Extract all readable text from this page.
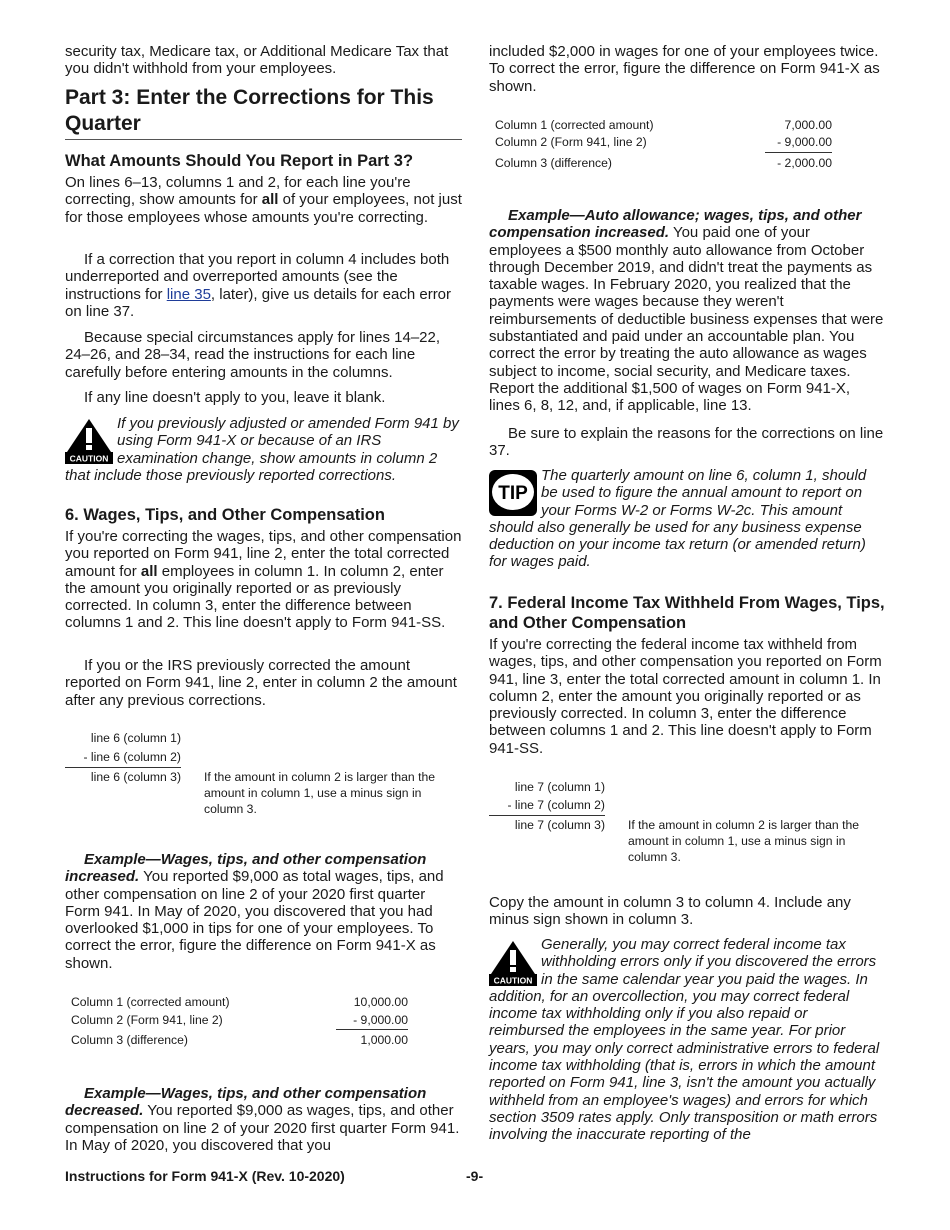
security tax, Medicare tax, or Additional Medicare Tax that you didn't withhold from your employees.

Part 3: Enter the Corrections for This Quarter
What Amounts Should You Report in Part 3?

On lines 6–13, columns 1 and 2, for each line you're correcting, show amounts for all of your employees, not just for those employees whose amounts you're correcting.

If a correction that you report in column 4 includes both underreported and overreported amounts (see the instructions for line 35, later), give us details for each error on line 37.

Because special circumstances apply for lines 14–22, 24–26, and 28–34, read the instructions for each line carefully before entering amounts in the columns.

If any line doesn't apply to you, leave it blank.

CAUTION

If you previously adjusted or amended Form 941 by using Form 941-X or because of an IRS examination change, show amounts in column 2 that include those previously reported corrections.

6. Wages, Tips, and Other Compensation

If you're correcting the wages, tips, and other compensation you reported on Form 941, line 2, enter the total corrected amount for all employees in column 1. In column 2, enter the amount you originally reported or as previously corrected. In column 3, enter the difference between columns 1 and 2. This line doesn't apply to Form 941-SS.

If you or the IRS previously corrected the amount reported on Form 941, line 2, enter in column 2 the amount after any previous corrections.

line 6 (column 1)
- line 6 (column 2)
line 6 (column 3) If the amount in column 2 is larger than the amount in column 1, use a minus sign in column 3.

Example—Wages, tips, and other compensation increased. You reported $9,000 as total wages, tips, and other compensation on line 2 of your 2020 first quarter Form 941. In May of 2020, you discovered that you had overlooked $1,000 in tips for one of your employees. To correct the error, figure the difference on Form 941-X as shown.

Column 1 (corrected amount)	10,000.00
Column 2 (Form 941, line 2)	- 9,000.00
Column 3 (difference)	1,000.00

Example—Wages, tips, and other compensation decreased. You reported $9,000 as wages, tips, and other compensation on line 2 of your 2020 first quarter Form 941. In May of 2020, you discovered that you

included $2,000 in wages for one of your employees twice. To correct the error, figure the difference on Form 941-X as shown.

Column 1 (corrected amount)	7,000.00
Column 2 (Form 941, line 2)	- 9,000.00
Column 3 (difference)	- 2,000.00

Example—Auto allowance; wages, tips, and other compensation increased. You paid one of your employees a $500 monthly auto allowance from October through December 2019, and didn't treat the payments as taxable wages. In February 2020, you realized that the payments were wages because they weren't reimbursements of deductible business expenses that were substantiated and paid under an accountable plan. You correct the error by treating the auto allowance as wages subject to income, social security, and Medicare taxes. Report the additional $1,500 of wages on Form 941-X, lines 6, 8, 12, and, if applicable, line 13.

Be sure to explain the reasons for the corrections on line 37.

TIP

The quarterly amount on line 6, column 1, should be used to figure the annual amount to report on your Forms W-2 or Forms W-2c. This amount should also generally be used for any business expense deduction on your income tax return (or amended return) for wages paid.

7. Federal Income Tax Withheld From Wages, Tips, and Other Compensation

If you're correcting the federal income tax withheld from wages, tips, and other compensation you reported on Form 941, line 3, enter the total corrected amount in column 1. In column 2, enter the amount you originally reported or as previously corrected. In column 3, enter the difference between columns 1 and 2. This line doesn't apply to Form 941-SS.

line 7 (column 1)
- line 7 (column 2)
line 7 (column 3) If the amount in column 2 is larger than the amount in column 1, use a minus sign in column 3.

Copy the amount in column 3 to column 4. Include any minus sign shown in column 3.

CAUTION

Generally, you may correct federal income tax withholding errors only if you discovered the errors in the same calendar year you paid the wages. In addition, for an overcollection, you may correct federal income tax withholding only if you also repaid or reimbursed the employees in the same year. For prior years, you may only correct administrative errors to federal income tax withholding (that is, errors in which the amount reported on Form 941, line 3, isn't the amount you actually withheld from an employee's wages) and errors for which section 3509 rates apply. Only transposition or math errors involving the inaccurate reporting of the

Instructions for Form 941-X (Rev. 10-2020)	-9-
